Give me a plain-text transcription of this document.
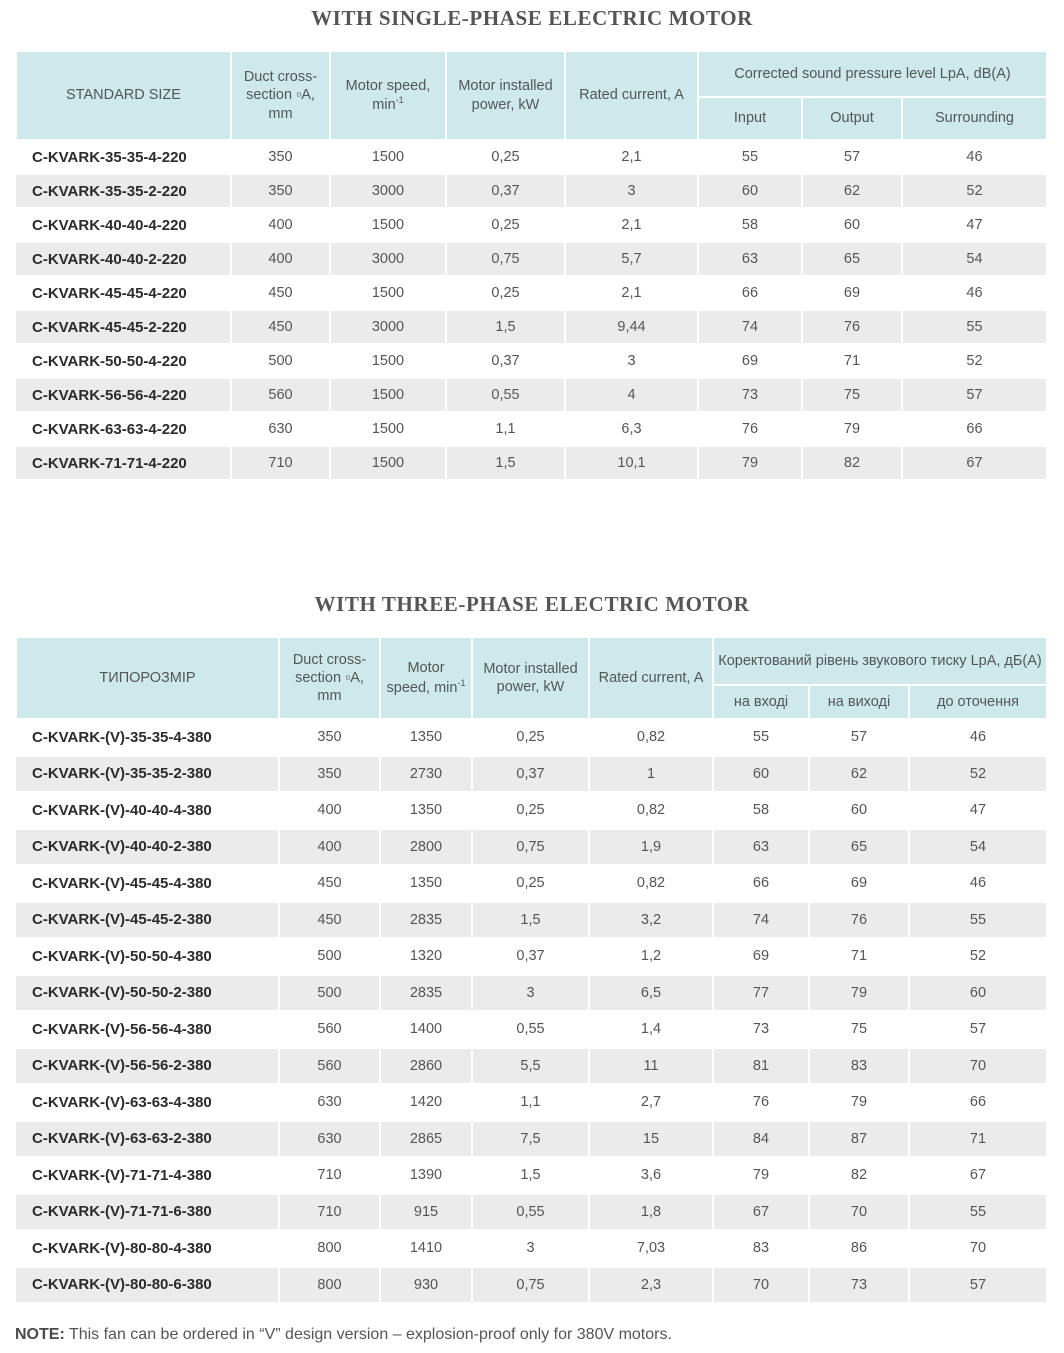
WITH SINGLE-PHASE ELECTRIC MOTOR
STANDARD SIZE	Duct cross-section ▫A, mm	Motor speed, $\min^{-1}$	Motor installed power, kW	Rated current, A	Corrected sound pressure level LpA, dB(A)		
					Input	Output	Surrounding
C-KVARK-35-35-4-220	350	1500	0,25	2,1	55	57	46
C-KVARK-35-35-2-220	350	3000	0,37	3	60	62	52
C-KVARK-40-40-4-220	400	1500	0,25	2,1	58	60	47
C-KVARK-40-40-2-220	400	3000	0,75	5,7	63	65	54
C-KVARK-45-45-4-220	450	1500	0,25	2,1	66	69	46
C-KVARK-45-45-2-220	450	3000	1,5	9,44	74	76	55
C-KVARK-50-50-4-220	500	1500	0,37	3	69	71	52
C-KVARK-56-56-4-220	560	1500	0,55	4	73	75	57
C-KVARK-63-63-4-220	630	1500	1,1	6,3	76	79	66
C-KVARK-71-71-4-220	710	1500	1,5	10,1	79	82	67
WITH THREE-PHASE ELECTRIC MOTOR
ТИПОРОЗМІР	Duct cross-section ▫A, mm	Motor speed, $\min^{-1}$	Motor installed power, kW	Rated current, A	Коректований рівень звукового тиску LpA, дБ(А)		
					на вході	на виході	до оточення
C-KVARK-(V)-35-35-4-380	350	1350	0,25	0,82	55	57	46
C-KVARK-(V)-35-35-2-380	350	2730	0,37	1	60	62	52
C-KVARK-(V)-40-40-4-380	400	1350	0,25	0,82	58	60	47
C-KVARK-(V)-40-40-2-380	400	2800	0,75	1,9	63	65	54
C-KVARK-(V)-45-45-4-380	450	1350	0,25	0,82	66	69	46
C-KVARK-(V)-45-45-2-380	450	2835	1,5	3,2	74	76	55
C-KVARK-(V)-50-50-4-380	500	1320	0,37	1,2	69	71	52
C-KVARK-(V)-50-50-2-380	500	2835	3	6,5	77	79	60
C-KVARK-(V)-56-56-4-380	560	1400	0,55	1,4	73	75	57
C-KVARK-(V)-56-56-2-380	560	2860	5,5	11	81	83	70
C-KVARK-(V)-63-63-4-380	630	1420	1,1	2,7	76	79	66
C-KVARK-(V)-63-63-2-380	630	2865	7,5	15	84	87	71
C-KVARK-(V)-71-71-4-380	710	1390	1,5	3,6	79	82	67
C-KVARK-(V)-71-71-6-380	710	915	0,55	1,8	67	70	55
C-KVARK-(V)-80-80-4-380	800	1410	3	7,03	83	86	70
C-KVARK-(V)-80-80-6-380	800	930	0,75	2,3	70	73	57

NOTE: This fan can be ordered in “V” design version – explosion-proof only for 380V motors.
